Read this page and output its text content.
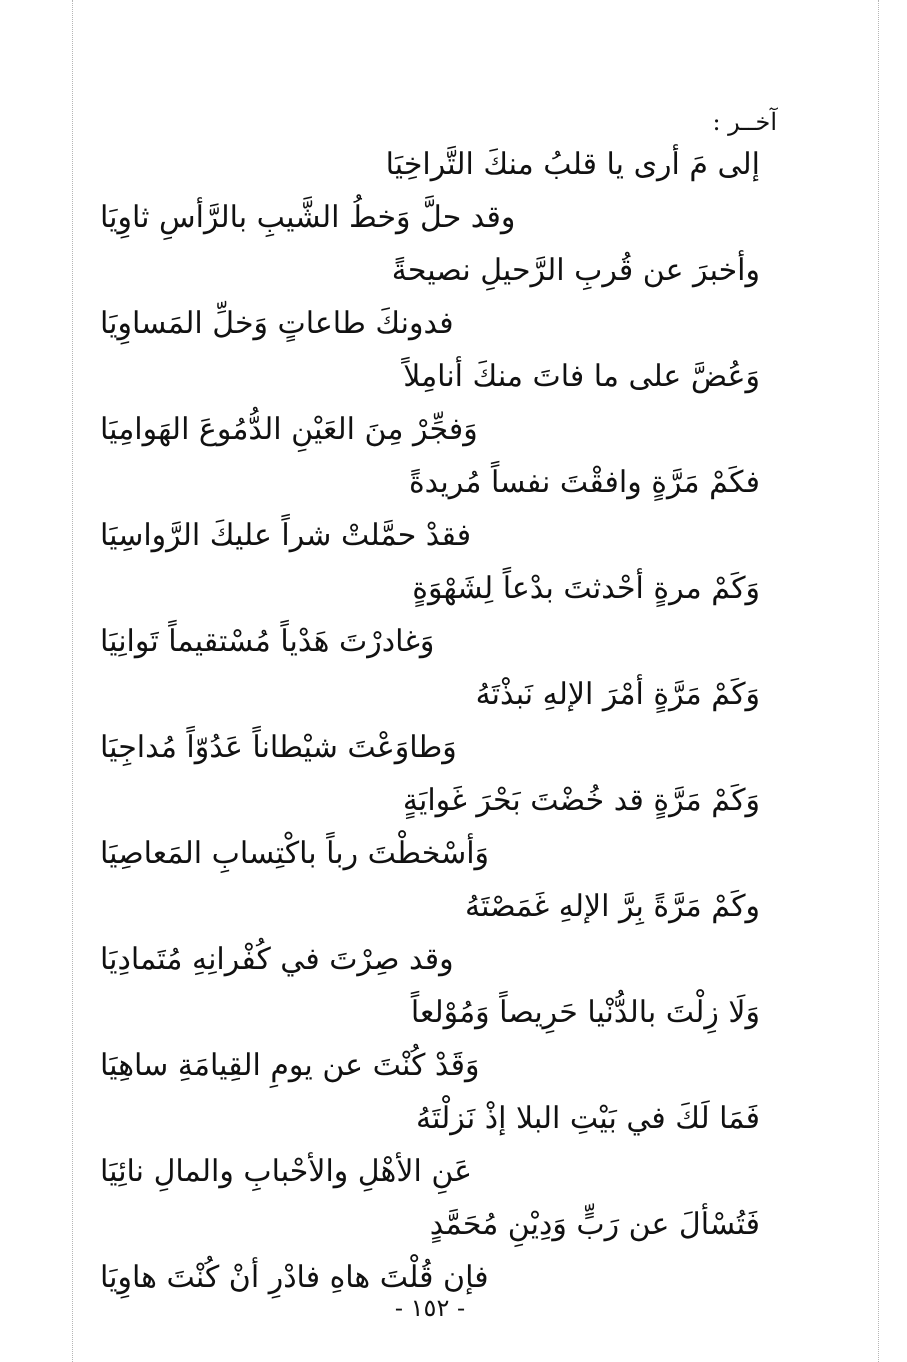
آخــر :
إلى مَ أرى يا قلبُ منكَ التَّراخِيَا
وقد حلَّ وَخطُ الشَّيبِ بالرَّأسِ ثاوِيَا
وأخبرَ عن قُربِ الرَّحيلِ نصيحةً
فدونكَ طاعاتٍ وَخلِّ المَساوِيَا
وَعُضَّ على ما فاتَ منكَ أنامِلاً
وَفجِّرْ مِنَ العَيْنِ الدُّمُوعَ الهَوامِيَا
فكَمْ مَرَّةٍ وافقْتَ نفساً مُريدةً
فقدْ حمَّلتْ شراً عليكَ الرَّواسِيَا
وَكَمْ مرةٍ أحْدثتَ بدْعاً لِشَهْوَةٍ
وَغادرْتَ هَدْياً مُسْتقيماً تَوانِيَا
وَكَمْ مَرَّةٍ أمْرَ الإلهِ نَبذْتَهُ
وَطاوَعْتَ شيْطاناً عَدُوّاً مُداجِيَا
وَكَمْ مَرَّةٍ قد خُضْتَ بَحْرَ غَوايَةٍ
وَأسْخطْتَ رباً باكْتِسابِ المَعاصِيَا
وكَمْ مَرَّةً بِرَّ الإلهِ غَمَصْتَهُ
وقد صِرْتَ في كُفْرانِهِ مُتَمادِيَا
وَلَا زِلْتَ بالدُّنْيا حَرِيصاً وَمُوْلعاً
وَقَدْ كُنْتَ عن يومِ القِيامَةِ ساهِيَا
فَمَا لَكَ في بَيْتِ البلا إذْ نَزلْتَهُ
عَنِ الأهْلِ والأحْبابِ والمالِ نائِيَا
فَتُسْألَ عن رَبٍّ وَدِيْنِ مُحَمَّدٍ
فإن قُلْتَ هاهِ فادْرِ أنْ كُنْتَ هاوِيَا
- ١٥٢ -
